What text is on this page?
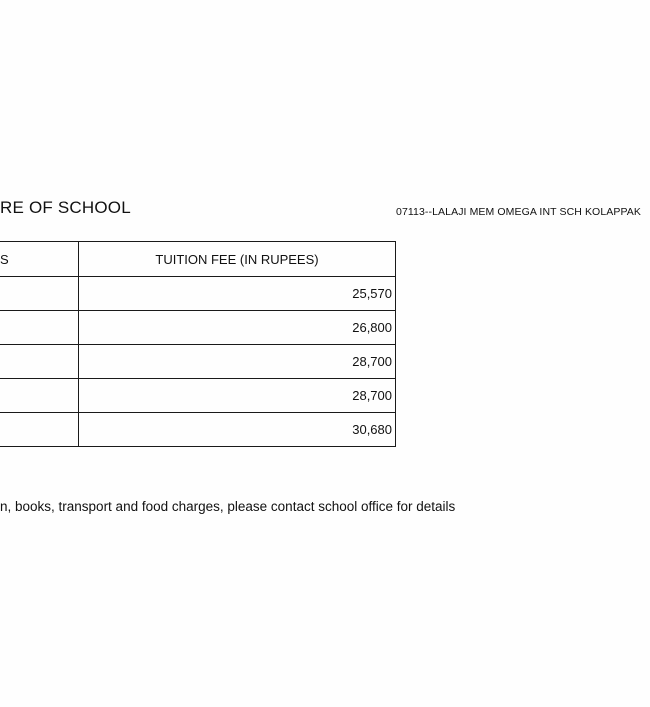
RE OF SCHOOL	07113--LALAJI MEM OMEGA INT SCH KOLAPPAK
S	TUITION FEE (IN RUPEES)
	25,570
	26,800
	28,700
	28,700
	30,680
n, books, transport and food charges, please contact school office for details
